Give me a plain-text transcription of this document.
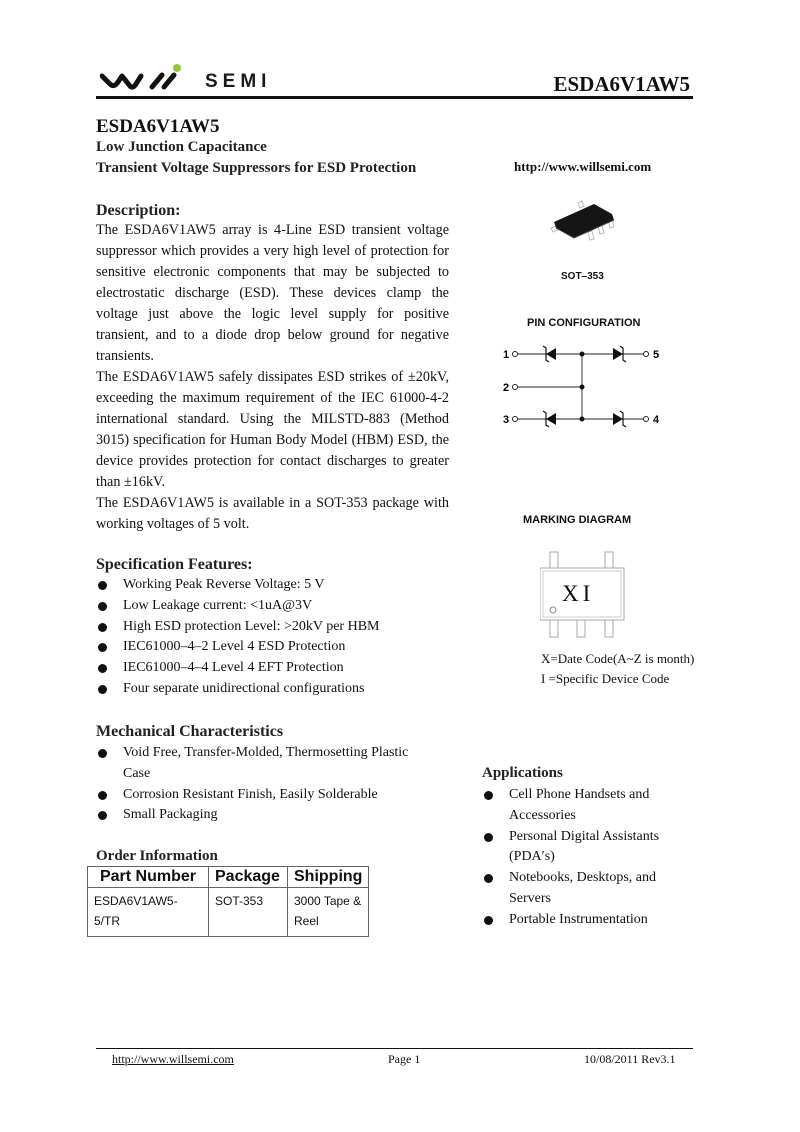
SEMI	ESDA6V1AW5
ESDA6V1AW5
Low Junction Capacitance
Transient Voltage Suppressors for ESD Protection
Description:

The ESDA6V1AW5 array is 4-Line ESD transient voltage suppressor which provides a very high level of protection for sensitive electronic components that may be subjected to electrostatic discharge (ESD). These devices clamp the voltage just above the logic level supply for positive transient, and to a diode drop below ground for negative transients.

The ESDA6V1AW5 safely dissipates ESD strikes of ±20kV, exceeding the maximum requirement of the IEC 61000-4-2 international standard. Using the MILSTD-883 (Method 3015) specification for Human Body Model (HBM) ESD, the device provides protection for contact discharges to greater than ±16kV.

The ESDA6V1AW5 is available in a SOT-353 package with working voltages of 5 volt.

Specification Features:
Working Peak Reverse Voltage: 5 V
Low Leakage current: <1uA@3V
High ESD protection Level: >20kV per HBM
IEC61000–4–2 Level 4 ESD Protection
IEC61000–4–4 Level 4 EFT Protection
Four separate unidirectional configurations
Mechanical Characteristics
Void Free, Transfer-Molded, Thermosetting Plastic Case
Corrosion Resistant Finish, Easily Solderable
Small Packaging
Order Information
Part Number	Package	Shipping
ESDA6V1AW5-5/TR	SOT-353	3000 Tape & Reel
http://www.willsemi.com
SOT–353
PIN CONFIGURATION
1
2
3	4
5
MARKING DIAGRAM
XI
X=Date Code(A~Z is month)
I =Specific Device Code
Applications
Cell Phone Handsets and Accessories
Personal Digital Assistants (PDA′s)
Notebooks, Desktops, and Servers
Portable Instrumentation
http://www.willsemi.com	Page 1	10/08/2011 Rev3.1
